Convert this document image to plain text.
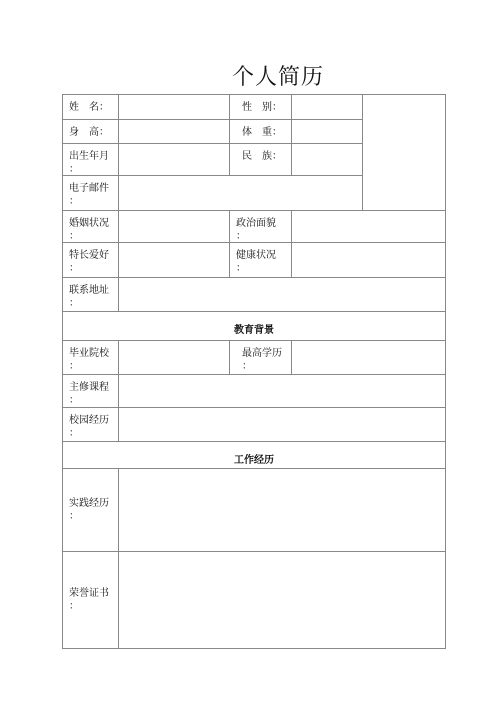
个人简历
姓　名：	性　别：
身　高：	体　重：
出生年月
：
民　族：
电子邮件
：
婚姻状况
：
政治面貌
：
特长爱好
：
健康状况
：
联系地址
：
教育背景
毕业院校
：
最高学历
：
主修课程
：
校园经历
：
工作经历
实践经历
：
荣誉证书
：
